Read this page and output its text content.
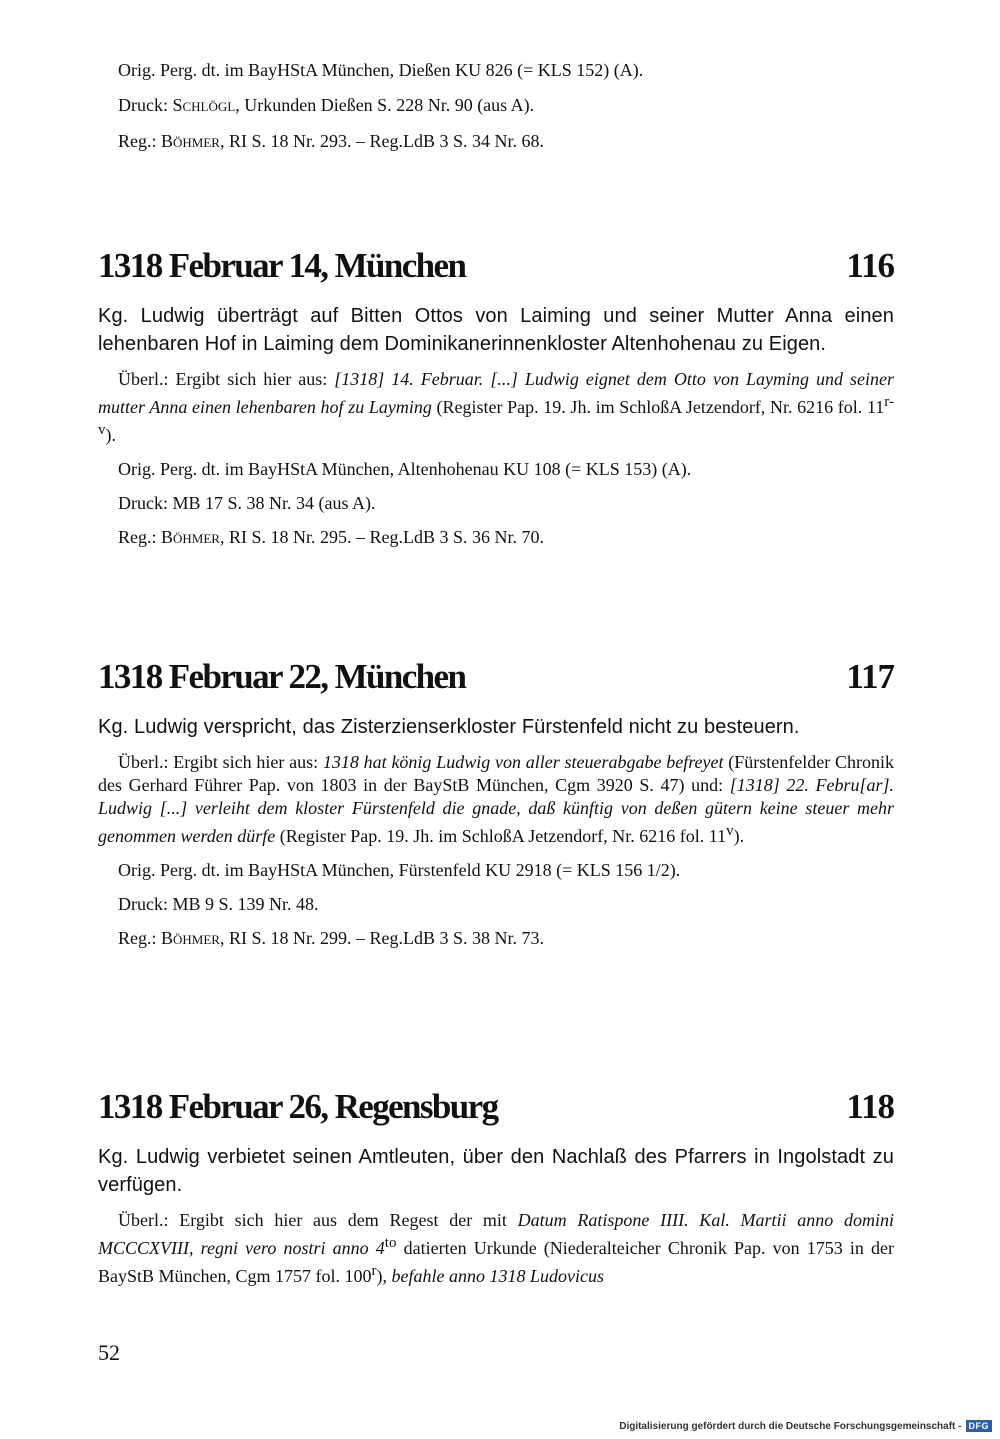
Orig. Perg. dt. im BayHStA München, Dießen KU 826 (= KLS 152) (A).

Druck: Schlögl, Urkunden Dießen S. 228 Nr. 90 (aus A).

Reg.: Böhmer, RI S. 18 Nr. 293. – Reg.LdB 3 S. 34 Nr. 68.

1318 Februar 14, München	116

Kg. Ludwig überträgt auf Bitten Ottos von Laiming und seiner Mutter Anna einen lehenbaren Hof in Laiming dem Dominikanerinnenkloster Altenhohenau zu Eigen.

Überl.: Ergibt sich hier aus: [1318] 14. Februar. [...] Ludwig eignet dem Otto von Layming und seiner mutter Anna einen lehenbaren hof zu Layming (Register Pap. 19. Jh. im SchloßA Jetzendorf, Nr. 6216 fol. 11$^{r-v}$).

Orig. Perg. dt. im BayHStA München, Altenhohenau KU 108 (= KLS 153) (A).

Druck: MB 17 S. 38 Nr. 34 (aus A).

Reg.: Böhmer, RI S. 18 Nr. 295. – Reg.LdB 3 S. 36 Nr. 70.

1318 Februar 22, München	117

Kg. Ludwig verspricht, das Zisterzienserkloster Fürstenfeld nicht zu besteuern.

Überl.: Ergibt sich hier aus: 1318 hat könig Ludwig von aller steuerabgabe befreyet (Fürstenfelder Chronik des Gerhard Führer Pap. von 1803 in der BayStB München, Cgm 3920 S. 47) und: [1318] 22. Febru[ar]. Ludwig [...] verleiht dem kloster Fürstenfeld die gnade, daß künftig von deßen gütern keine steuer mehr genommen werden dürfe (Register Pap. 19. Jh. im SchloßA Jetzendorf, Nr. 6216 fol. 11$^v$).

Orig. Perg. dt. im BayHStA München, Fürstenfeld KU 2918 (= KLS 156 1/2).

Druck: MB 9 S. 139 Nr. 48.

Reg.: Böhmer, RI S. 18 Nr. 299. – Reg.LdB 3 S. 38 Nr. 73.

1318 Februar 26, Regensburg	118

Kg. Ludwig verbietet seinen Amtleuten, über den Nachlaß des Pfarrers in Ingolstadt zu verfügen.

Überl.: Ergibt sich hier aus dem Regest der mit Datum Ratispone IIII. Kal. Martii anno domini MCCCXVIII, regni vero nostri anno $4^{to}$ datierten Urkunde (Niederalteicher Chronik Pap. von 1753 in der BayStB München, Cgm 1757 fol. 100$^r$), befahle anno 1318 Ludovicus

52
Digitalisierung gefördert durch die Deutsche Forschungsgemeinschaft - DFG
